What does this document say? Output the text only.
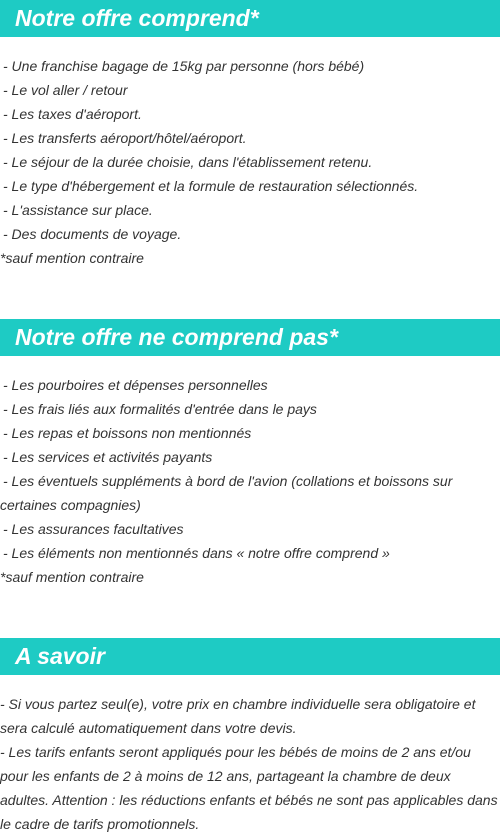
Notre offre comprend*
- Une franchise bagage de 15kg par personne (hors bébé)
- Le vol aller / retour
- Les taxes d'aéroport.
- Les transferts aéroport/hôtel/aéroport.
- Le séjour de la durée choisie, dans l'établissement retenu.
- Le type d'hébergement et la formule de restauration sélectionnés.
- L'assistance sur place.
- Des documents de voyage.
*sauf mention contraire
Notre offre ne comprend pas*
- Les pourboires et dépenses personnelles
- Les frais liés aux formalités d'entrée dans le pays
- Les repas et boissons non mentionnés
- Les services et activités payants
- Les éventuels suppléments à bord de l'avion (collations et boissons sur certaines compagnies)
- Les assurances facultatives
- Les éléments non mentionnés dans « notre offre comprend »
*sauf mention contraire
A savoir
- Si vous partez seul(e), votre prix en chambre individuelle sera obligatoire et sera calculé automatiquement dans votre devis.
- Les tarifs enfants seront appliqués pour les bébés de moins de 2 ans et/ou pour les enfants de 2 à moins de 12 ans, partageant la chambre de deux adultes. Attention : les réductions enfants et bébés ne sont pas applicables dans le cadre de tarifs promotionnels.
